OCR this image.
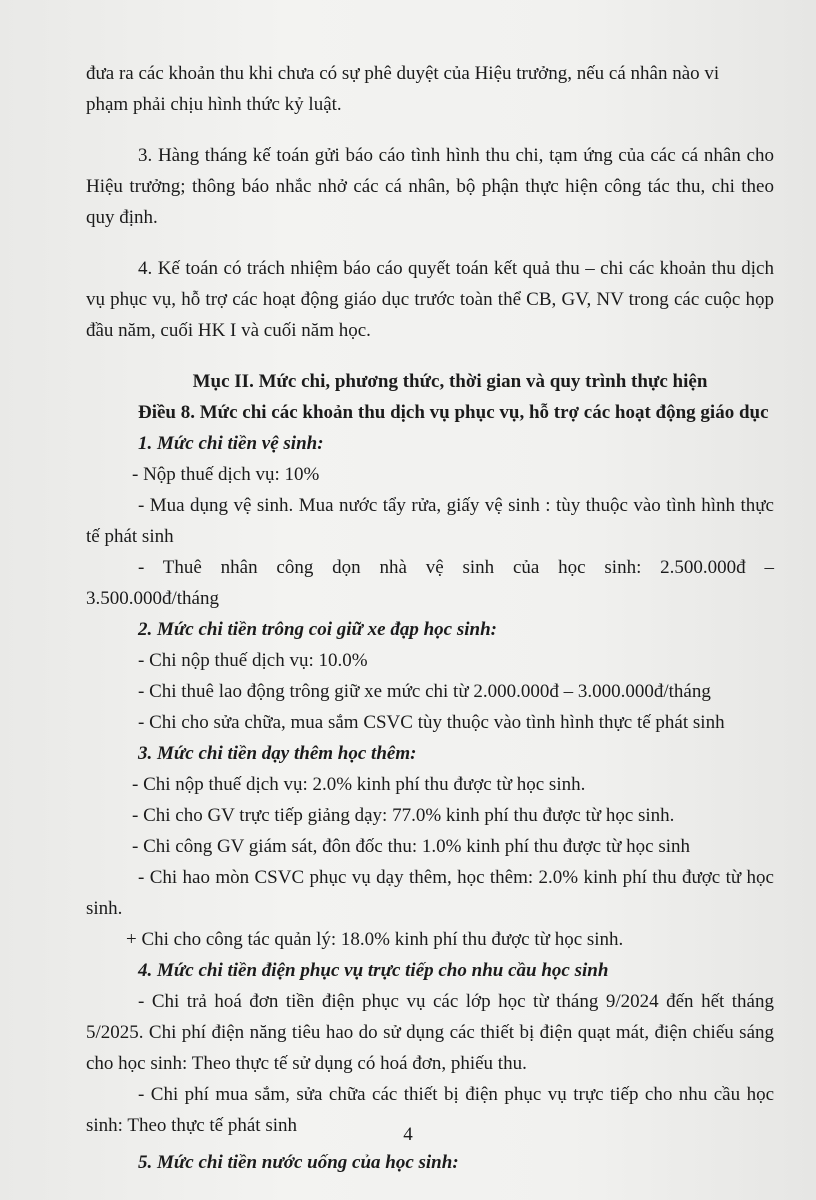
đưa ra các khoản thu khi chưa có sự phê duyệt của Hiệu trưởng, nếu cá nhân nào vi

phạm phải chịu hình thức kỷ luật.

3. Hàng tháng kế toán gửi báo cáo tình hình thu chi, tạm ứng của các cá nhân cho Hiệu trưởng; thông báo nhắc nhở các cá nhân, bộ phận thực hiện công tác thu, chi theo quy định.

4. Kế toán có trách nhiệm báo cáo quyết toán kết quả thu – chi các khoản thu dịch vụ phục vụ, hỗ trợ các hoạt động giáo dục trước toàn thể CB, GV, NV trong các cuộc họp đầu năm, cuối HK I và cuối năm học.

Mục II. Mức chi, phương thức, thời gian và quy trình thực hiện

Điều 8. Mức chi các khoản thu dịch vụ phục vụ, hỗ trợ các hoạt động giáo dục

1. Mức chi tiền vệ sinh:

- Nộp thuế dịch vụ: 10%

- Mua dụng vệ sinh. Mua nước tẩy rửa, giấy vệ sinh : tùy thuộc vào tình hình thực tế phát sinh

- Thuê nhân công dọn nhà vệ sinh của học sinh: 2.500.000đ – 3.500.000đ/tháng

2. Mức chi tiền trông coi giữ xe đạp học sinh:

- Chi nộp thuế dịch vụ: 10.0%

- Chi thuê lao động trông giữ xe mức chi từ 2.000.000đ – 3.000.000đ/tháng

- Chi cho sửa chữa, mua sắm CSVC tùy thuộc vào tình hình thực tế phát sinh

3. Mức chi tiền dạy thêm học thêm:

- Chi nộp thuế dịch vụ: 2.0% kinh phí thu được từ học sinh.

- Chi cho GV trực tiếp giảng dạy: 77.0% kinh phí thu được từ học sinh.

- Chi công GV giám sát, đôn đốc thu: 1.0% kinh phí thu được từ học sinh

- Chi hao mòn CSVC phục vụ dạy thêm, học thêm: 2.0% kinh phí thu được từ học sinh.

+ Chi cho công tác quản lý: 18.0% kinh phí thu được từ học sinh.

4. Mức chi tiền điện phục vụ trực tiếp cho nhu cầu học sinh

- Chi trả hoá đơn tiền điện phục vụ các lớp học từ tháng 9/2024 đến hết tháng 5/2025. Chi phí điện năng tiêu hao do sử dụng các thiết bị điện quạt mát, điện chiếu sáng cho học sinh: Theo thực tế sử dụng có hoá đơn, phiếu thu.

- Chi phí mua sắm, sửa chữa các thiết bị điện phục vụ trực tiếp cho nhu cầu học sinh: Theo thực tế phát sinh

5. Mức chi tiền nước uống của học sinh:

4
